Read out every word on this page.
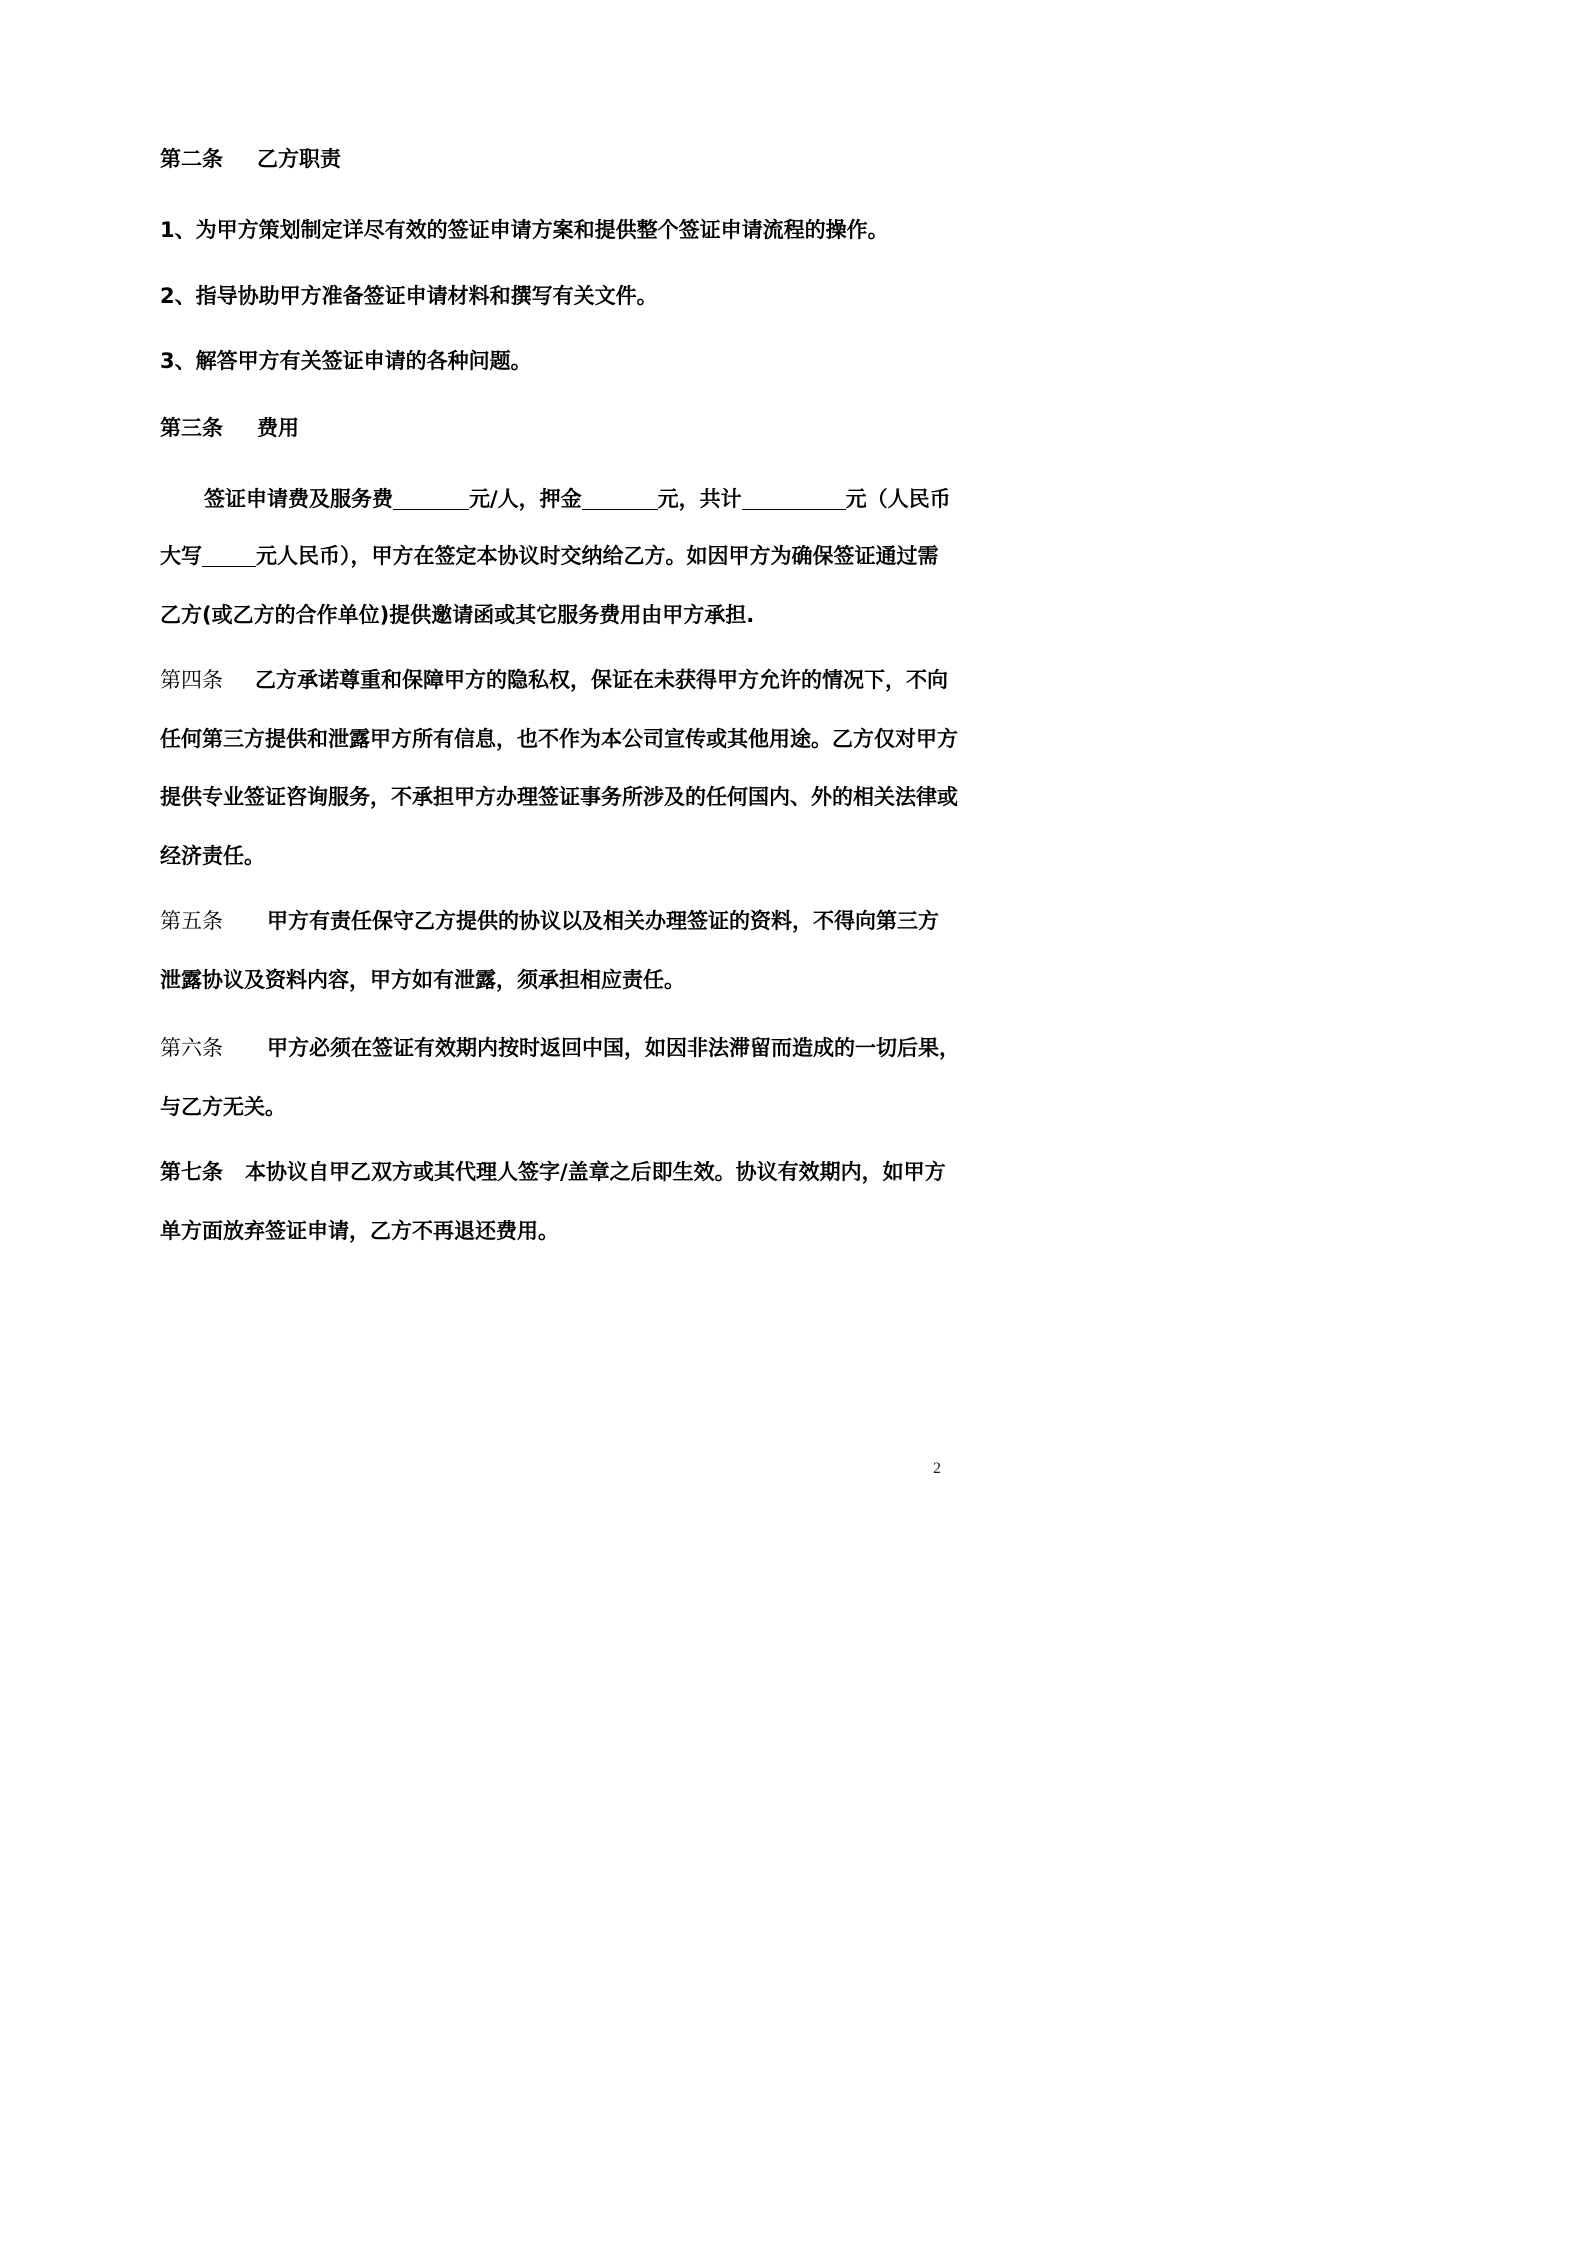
第二条 乙方职责
1、为甲方策划制定详尽有效的签证申请方案和提供整个签证申请流程的操作。
2、指导协助甲方准备签证申请材料和撰写有关文件。
3、解答甲方有关签证申请的各种问题。
第三条 费用
签证申请费及服务费	元/人，押金	元，共计	元（人民币
大写	元人民币），甲方在签定本协议时交纳给乙方。如因甲方为确保签证通过需
乙方(或乙方的合作单位)提供邀请函或其它服务费用由甲方承担.
第四条 乙方承诺尊重和保障甲方的隐私权，保证在未获得甲方允许的情况下，不向
任何第三方提供和泄露甲方所有信息，也不作为本公司宣传或其他用途。乙方仅对甲方
提供专业签证咨询服务，不承担甲方办理签证事务所涉及的任何国内、外的相关法律或
经济责任。
第五条 甲方有责任保守乙方提供的协议以及相关办理签证的资料，不得向第三方
泄露协议及资料内容，甲方如有泄露，须承担相应责任。
第六条 甲方必须在签证有效期内按时返回中国，如因非法滞留而造成的一切后果，
与乙方无关。
第七条 本协议自甲乙双方或其代理人签字/盖章之后即生效。协议有效期内，如甲方
单方面放弃签证申请，乙方不再退还费用。
2
